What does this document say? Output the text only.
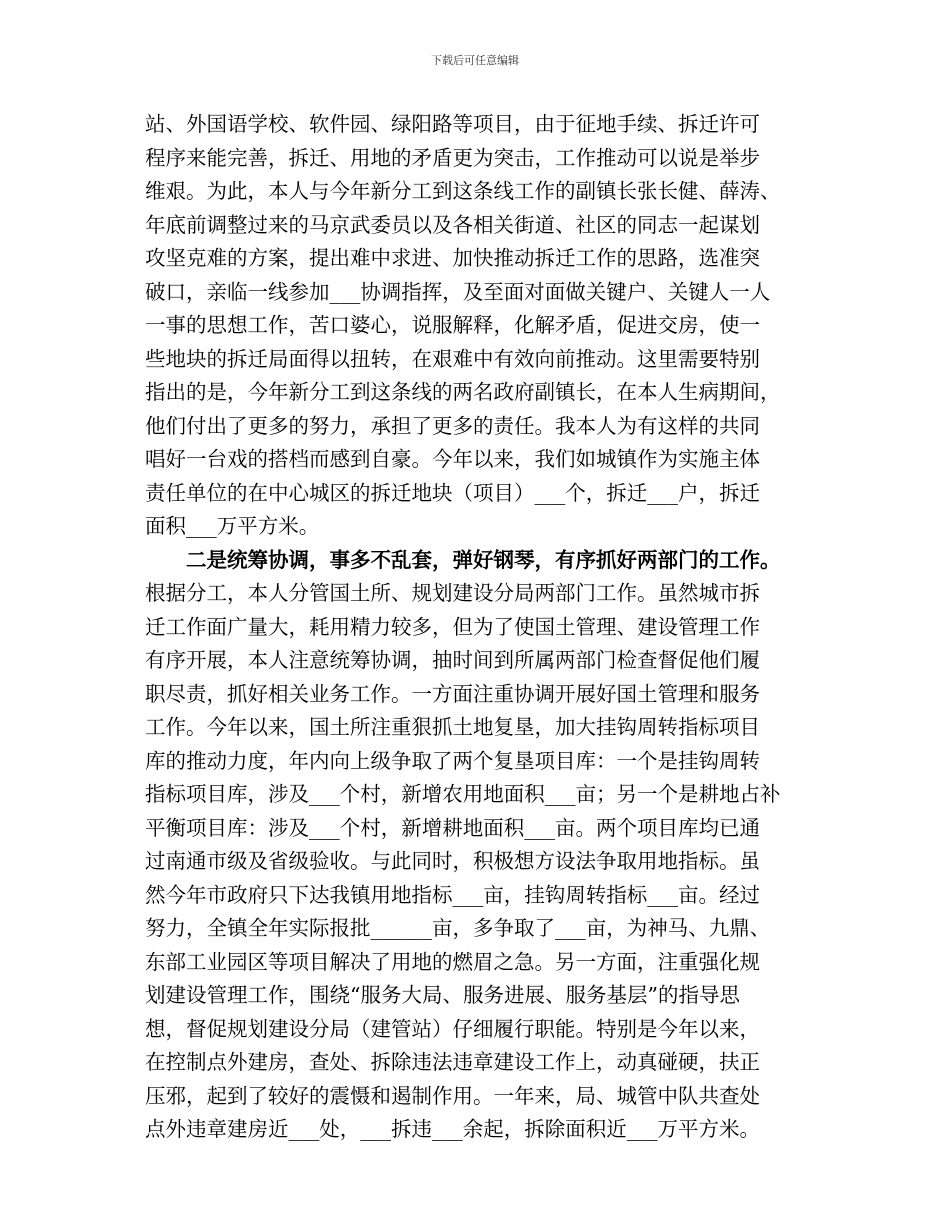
下载后可任意编辑
站、外国语学校、软件园、绿阳路等项目，由于征地手续、拆迁许可
程序来能完善，拆迁、用地的矛盾更为突击，工作推动可以说是举步
维艰。为此，本人与今年新分工到这条线工作的副镇长张长健、薛涛、
年底前调整过来的马京武委员以及各相关街道、社区的同志一起谋划
攻坚克难的方案，提出难中求进、加快推动拆迁工作的思路，选准突
破口，亲临一线参加___协调指挥，及至面对面做关键户、关键人一人
一事的思想工作，苦口婆心，说服解释，化解矛盾，促进交房，使一
些地块的拆迁局面得以扭转，在艰难中有效向前推动。这里需要特别
指出的是，今年新分工到这条线的两名政府副镇长，在本人生病期间，
他们付出了更多的努力，承担了更多的责任。我本人为有这样的共同
唱好一台戏的搭档而感到自豪。今年以来，我们如城镇作为实施主体
责任单位的在中心城区的拆迁地块（项目）___个，拆迁___户，拆迁
面积___万平方米。
二是统筹协调，事多不乱套，弹好钢琴，有序抓好两部门的工作。
根据分工，本人分管国土所、规划建设分局两部门工作。虽然城市拆
迁工作面广量大，耗用精力较多，但为了使国土管理、建设管理工作
有序开展，本人注意统筹协调，抽时间到所属两部门检查督促他们履
职尽责，抓好相关业务工作。一方面注重协调开展好国土管理和服务
工作。今年以来，国土所注重狠抓土地复垦，加大挂钩周转指标项目
库的推动力度，年内向上级争取了两个复垦项目库：一个是挂钩周转
指标项目库，涉及___个村，新增农用地面积___亩；另一个是耕地占补
平衡项目库：涉及___个村，新增耕地面积___亩。两个项目库均已通
过南通市级及省级验收。与此同时，积极想方设法争取用地指标。虽
然今年市政府只下达我镇用地指标___亩，挂钩周转指标___亩。经过
努力，全镇全年实际报批______亩，多争取了___亩，为神马、九鼎、
东部工业园区等项目解决了用地的燃眉之急。另一方面，注重强化规
划建设管理工作，围绕“服务大局、服务进展、服务基层”的指导思
想，督促规划建设分局（建管站）仔细履行职能。特别是今年以来，
在控制点外建房，查处、拆除违法违章建设工作上，动真碰硬，扶正
压邪，起到了较好的震慑和遏制作用。一年来，局、城管中队共查处
点外违章建房近___处，___拆违___余起，拆除面积近___万平方米。
